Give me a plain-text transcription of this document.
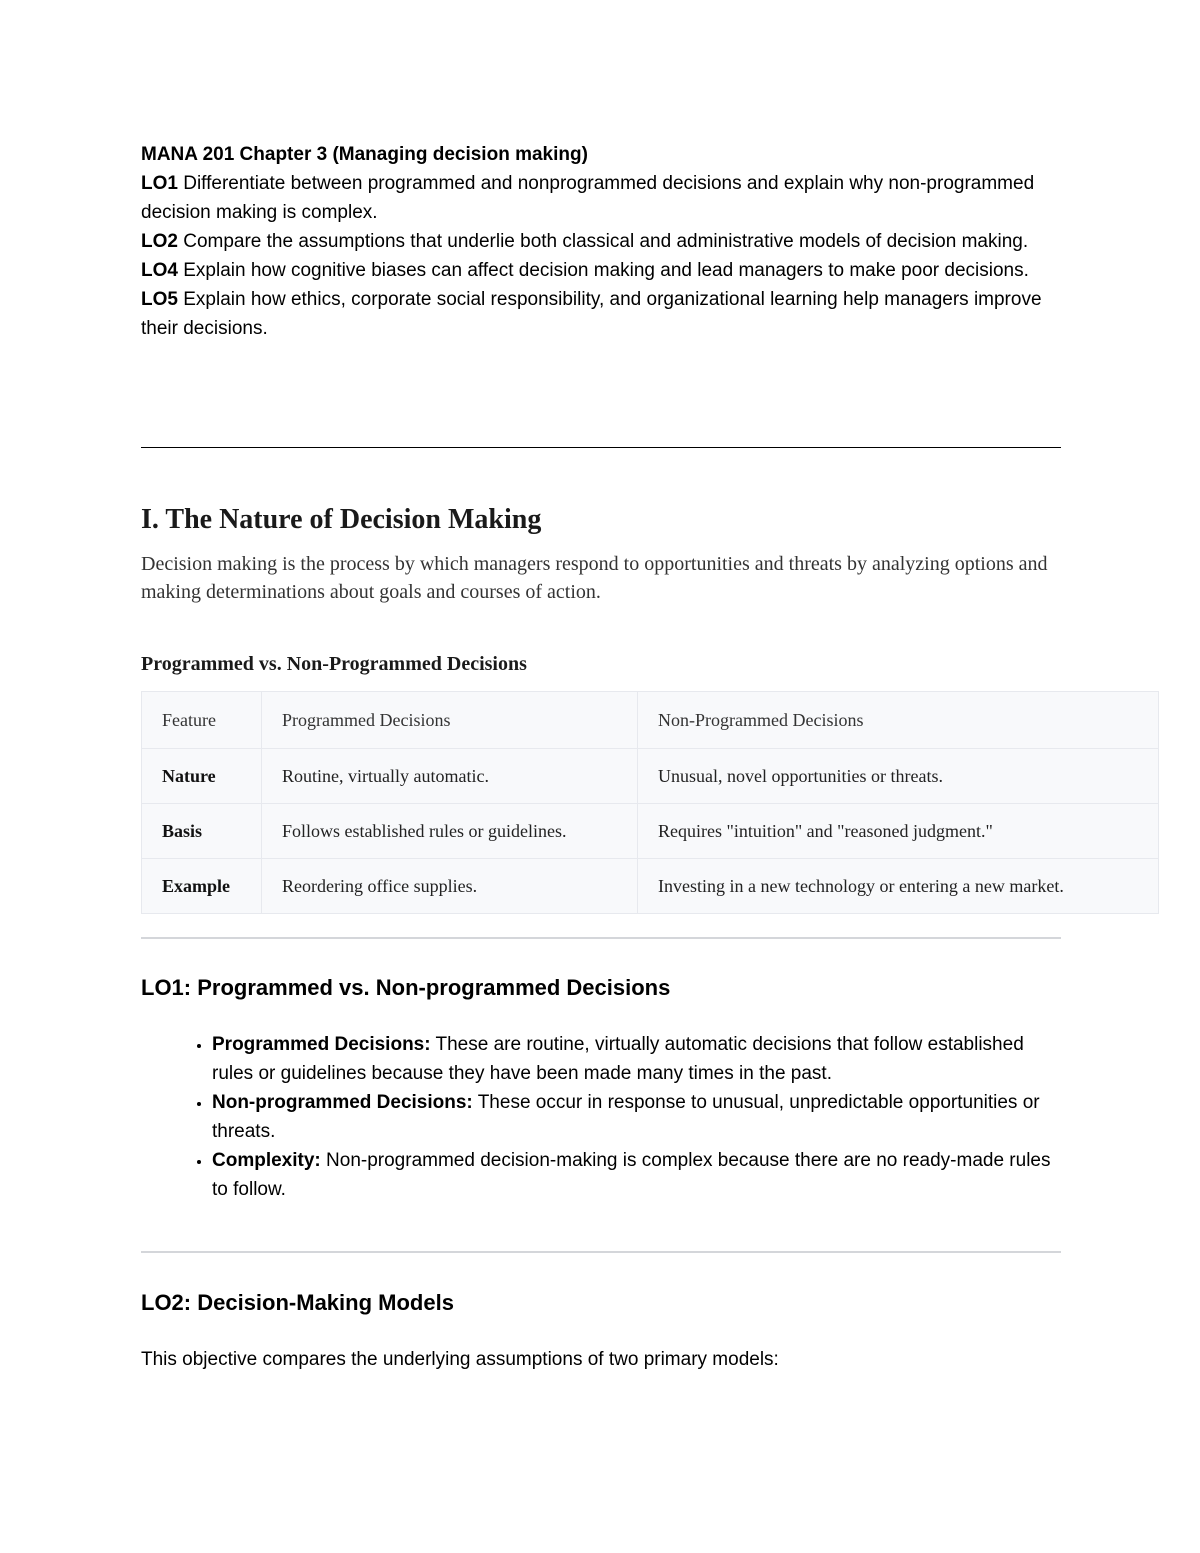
MANA 201 Chapter 3 (Managing decision making)

LO1 Differentiate between programmed and nonprogrammed decisions and explain why non-programmed decision making is complex.

LO2 Compare the assumptions that underlie both classical and administrative models of decision making.

LO4 Explain how cognitive biases can affect decision making and lead managers to make poor decisions.

LO5 Explain how ethics, corporate social responsibility, and organizational learning help managers improve their decisions.

I. The Nature of Decision Making

Decision making is the process by which managers respond to opportunities and threats by analyzing options and making determinations about goals and courses of action.

Programmed vs. Non-Programmed Decisions
Feature	Programmed Decisions	Non-Programmed Decisions
Nature	Routine, virtually automatic.	Unusual, novel opportunities or threats.
Basis	Follows established rules or guidelines.	Requires "intuition" and "reasoned judgment."
Example	Reordering office supplies.	Investing in a new technology or entering a new market.
LO1: Programmed vs. Non-programmed Decisions
• Programmed Decisions: These are routine, virtually automatic decisions that follow established rules or guidelines because they have been made many times in the past.
• Non-programmed Decisions: These occur in response to unusual, unpredictable opportunities or threats.
• Complexity: Non-programmed decision-making is complex because there are no ready-made rules to follow.
LO2: Decision-Making Models

This objective compares the underlying assumptions of two primary models:
